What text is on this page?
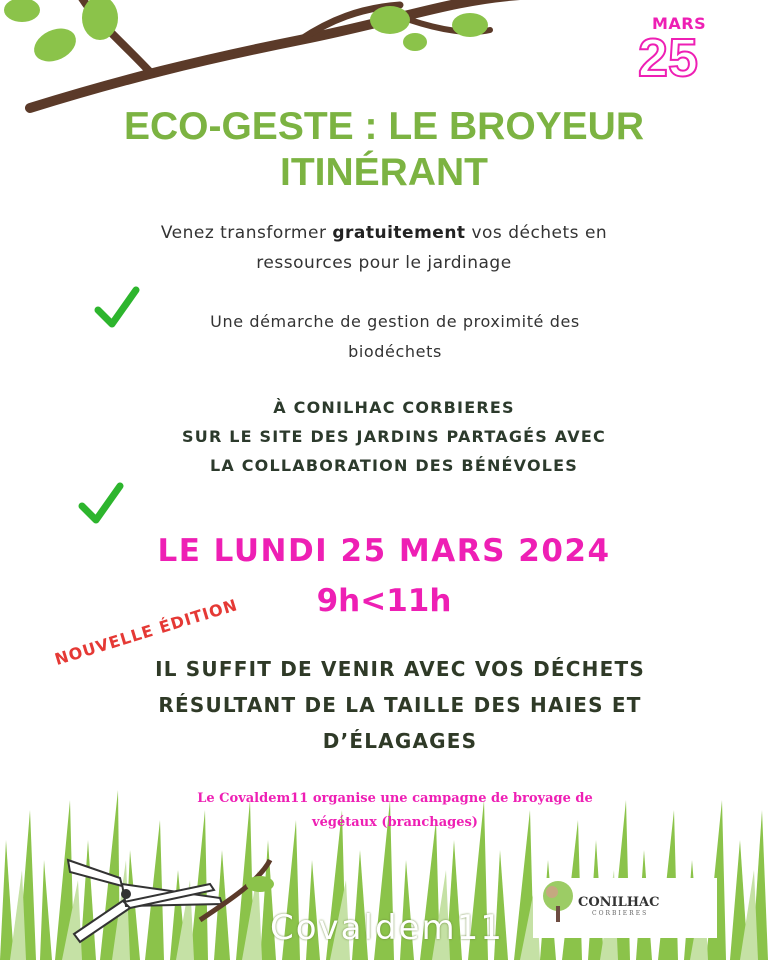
MARS
25
ECO-GESTE : LE BROYEUR
ITINÉRANT
Venez transformer gratuitement vos déchets en
ressources pour le jardinage
Une démarche de gestion de proximité des
biodéchets
À CONILHAC CORBIERES
SUR LE SITE DES JARDINS PARTAGÉS AVEC
LA COLLABORATION DES BÉNÉVOLES
LE LUNDI 25 MARS 2024
9h<11h
NOUVELLE ÉDITION
IL SUFFIT DE VENIR AVEC VOS DÉCHETS
RÉSULTANT DE LA TAILLE DES HAIES ET
D’ÉLAGAGES
Le Covaldem11 organise une campagne de broyage de
végétaux (branchages)
Covaldem11
CONILHAC
CORBIERES
